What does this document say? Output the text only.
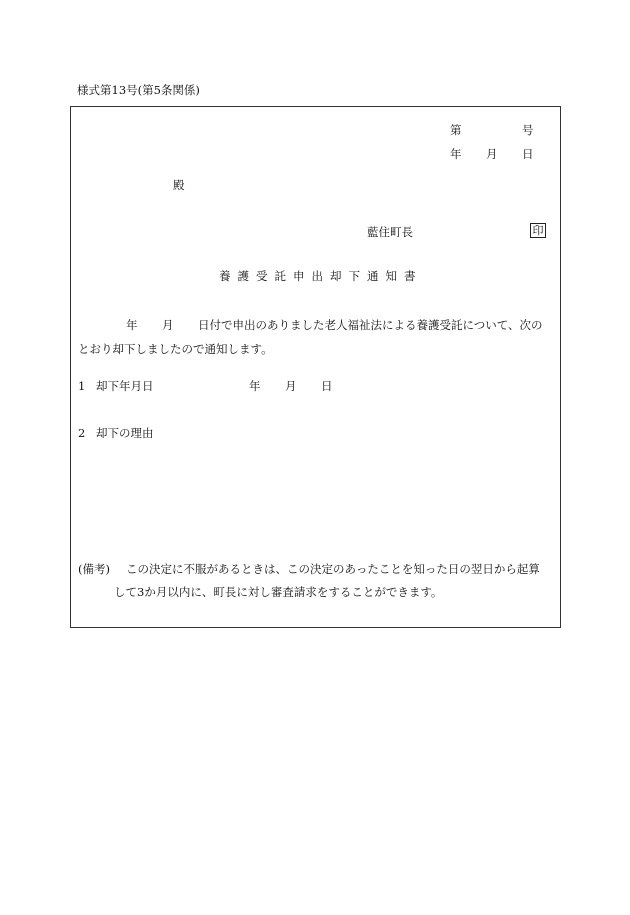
様式第13号(第5条関係)
第	号
年 月 日
殿
藍住町長	印
養護受託申出却下通知書
年 月 日付で申出のありました老人福祉法による養護受託について、次の
とおり却下しましたので通知します。
1 却下年月日	年 月 日
2 却下の理由
(備考) この決定に不服があるときは、この決定のあったことを知った日の翌日から起算
して3か月以内に、町長に対し審査請求をすることができます。
